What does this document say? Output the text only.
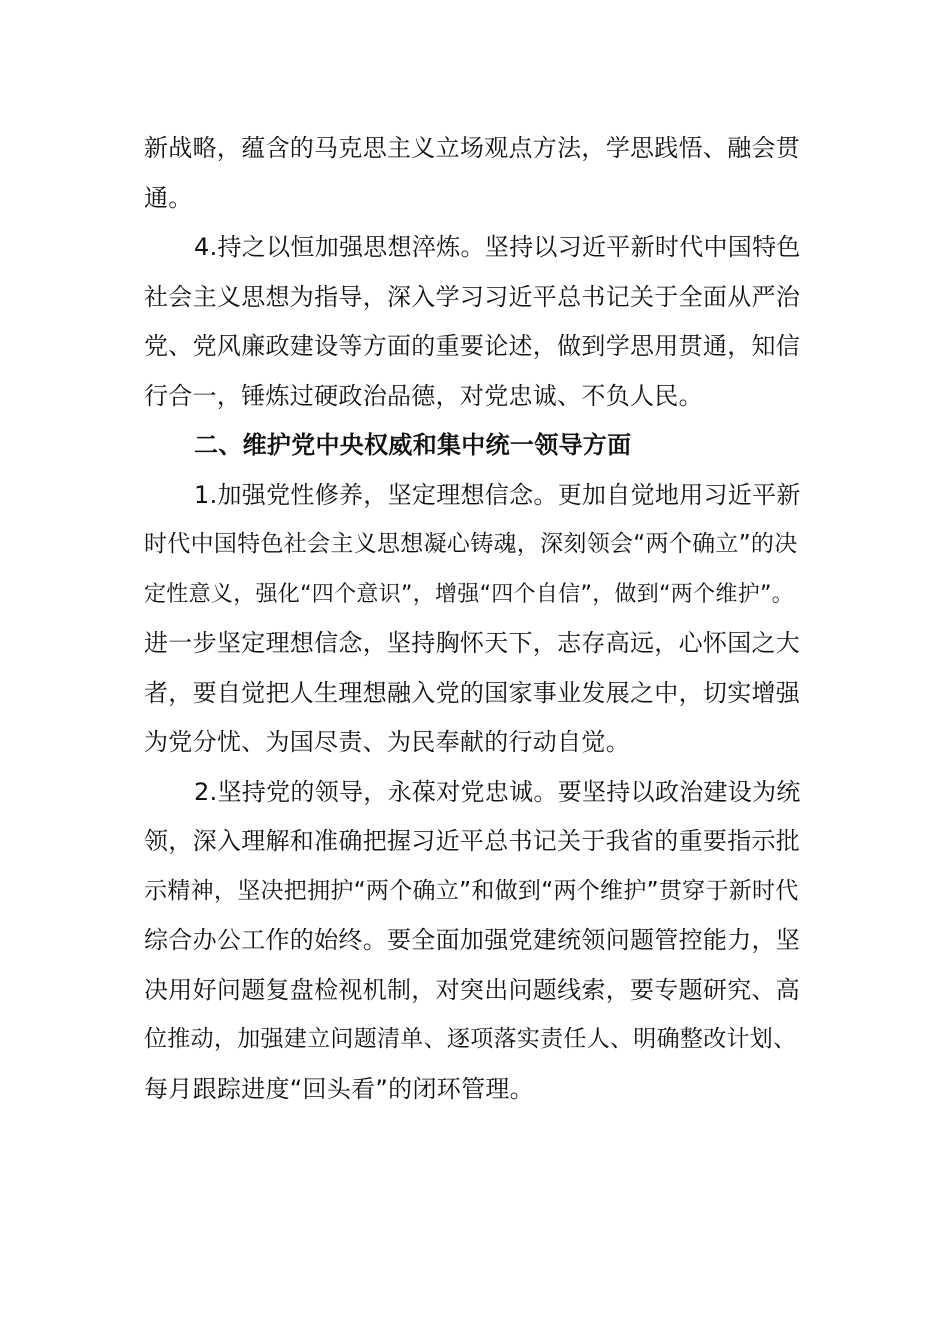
新战略，蕴含的马克思主义立场观点方法，学思践悟、融会贯
通。
4.持之以恒加强思想淬炼。坚持以习近平新时代中国特色
社会主义思想为指导，深入学习习近平总书记关于全面从严治
党、党风廉政建设等方面的重要论述，做到学思用贯通，知信
行合一，锤炼过硬政治品德，对党忠诚、不负人民。
二、维护党中央权威和集中统一领导方面
1.加强党性修养，坚定理想信念。更加自觉地用习近平新
时代中国特色社会主义思想凝心铸魂，深刻领会“两个确立”的决
定性意义，强化“四个意识”，增强“四个自信”，做到“两个维护”。
进一步坚定理想信念，坚持胸怀天下，志存高远，心怀国之大
者，要自觉把人生理想融入党的国家事业发展之中，切实增强
为党分忧、为国尽责、为民奉献的行动自觉。
2.坚持党的领导，永葆对党忠诚。要坚持以政治建设为统
领，深入理解和准确把握习近平总书记关于我省的重要指示批
示精神，坚决把拥护“两个确立”和做到“两个维护”贯穿于新时代
综合办公工作的始终。要全面加强党建统领问题管控能力，坚
决用好问题复盘检视机制，对突出问题线索，要专题研究、高
位推动，加强建立问题清单、逐项落实责任人、明确整改计划、
每月跟踪进度“回头看”的闭环管理。
